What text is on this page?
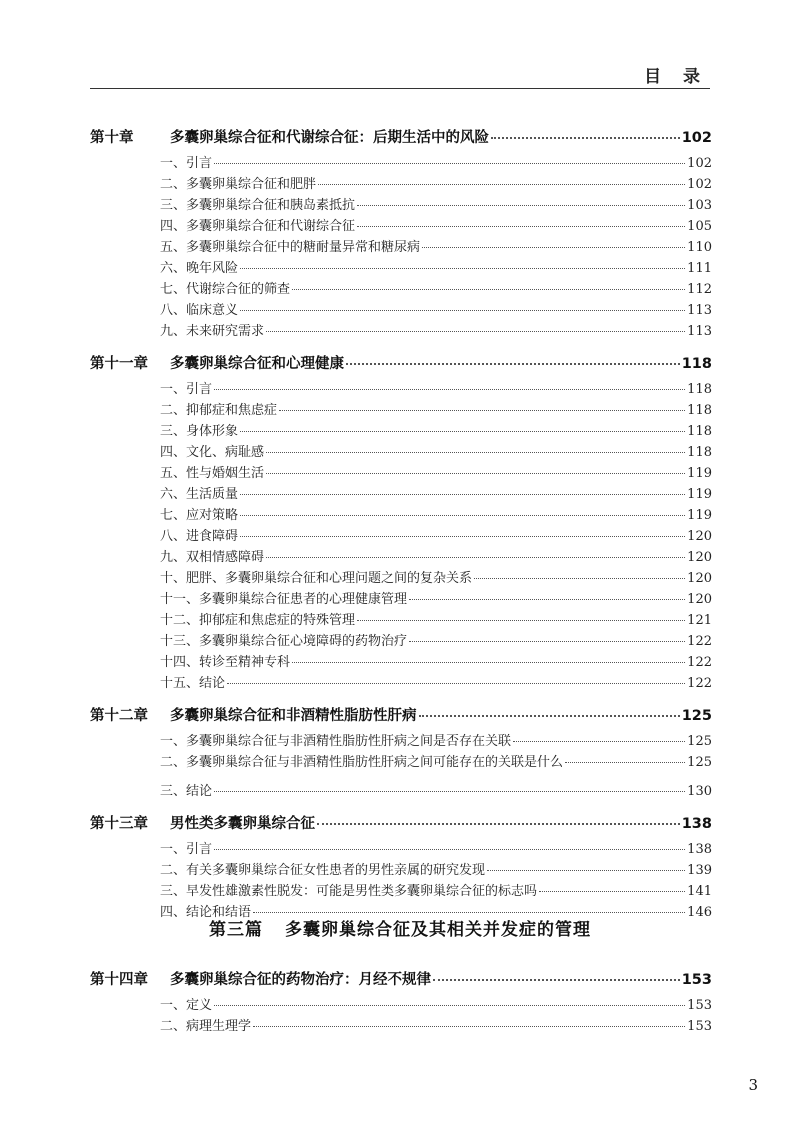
目 录
第十章	多囊卵巢综合征和代谢综合征：后期生活中的风险	102
一、引言	102
二、多囊卵巢综合征和肥胖	102
三、多囊卵巢综合征和胰岛素抵抗	103
四、多囊卵巢综合征和代谢综合征	105
五、多囊卵巢综合征中的糖耐量异常和糖尿病	110
六、晚年风险	111
七、代谢综合征的筛查	112
八、临床意义	113
九、未来研究需求	113
第十一章 多囊卵巢综合征和心理健康	118
一、引言	118
二、抑郁症和焦虑症	118
三、身体形象	118
四、文化、病耻感	118
五、性与婚姻生活	119
六、生活质量	119
七、应对策略	119
八、进食障碍	120
九、双相情感障碍	120
十、肥胖、多囊卵巢综合征和心理问题之间的复杂关系	120
十一、多囊卵巢综合征患者的心理健康管理	120
十二、抑郁症和焦虑症的特殊管理	121
十三、多囊卵巢综合征心境障碍的药物治疗	122
十四、转诊至精神专科	122
十五、结论	122
第十二章 多囊卵巢综合征和非酒精性脂肪性肝病	125
一、多囊卵巢综合征与非酒精性脂肪性肝病之间是否存在关联	125
二、多囊卵巢综合征与非酒精性脂肪性肝病之间可能存在的关联是什么	125
三、结论	130
第十三章 男性类多囊卵巢综合征	138
一、引言	138
二、有关多囊卵巢综合征女性患者的男性亲属的研究发现	139
三、早发性雄激素性脱发：可能是男性类多囊卵巢综合征的标志吗	141
四、结论和结语	146
第三篇 多囊卵巢综合征及其相关并发症的管理
第十四章 多囊卵巢综合征的药物治疗：月经不规律	153
一、定义	153
二、病理生理学	153
3
